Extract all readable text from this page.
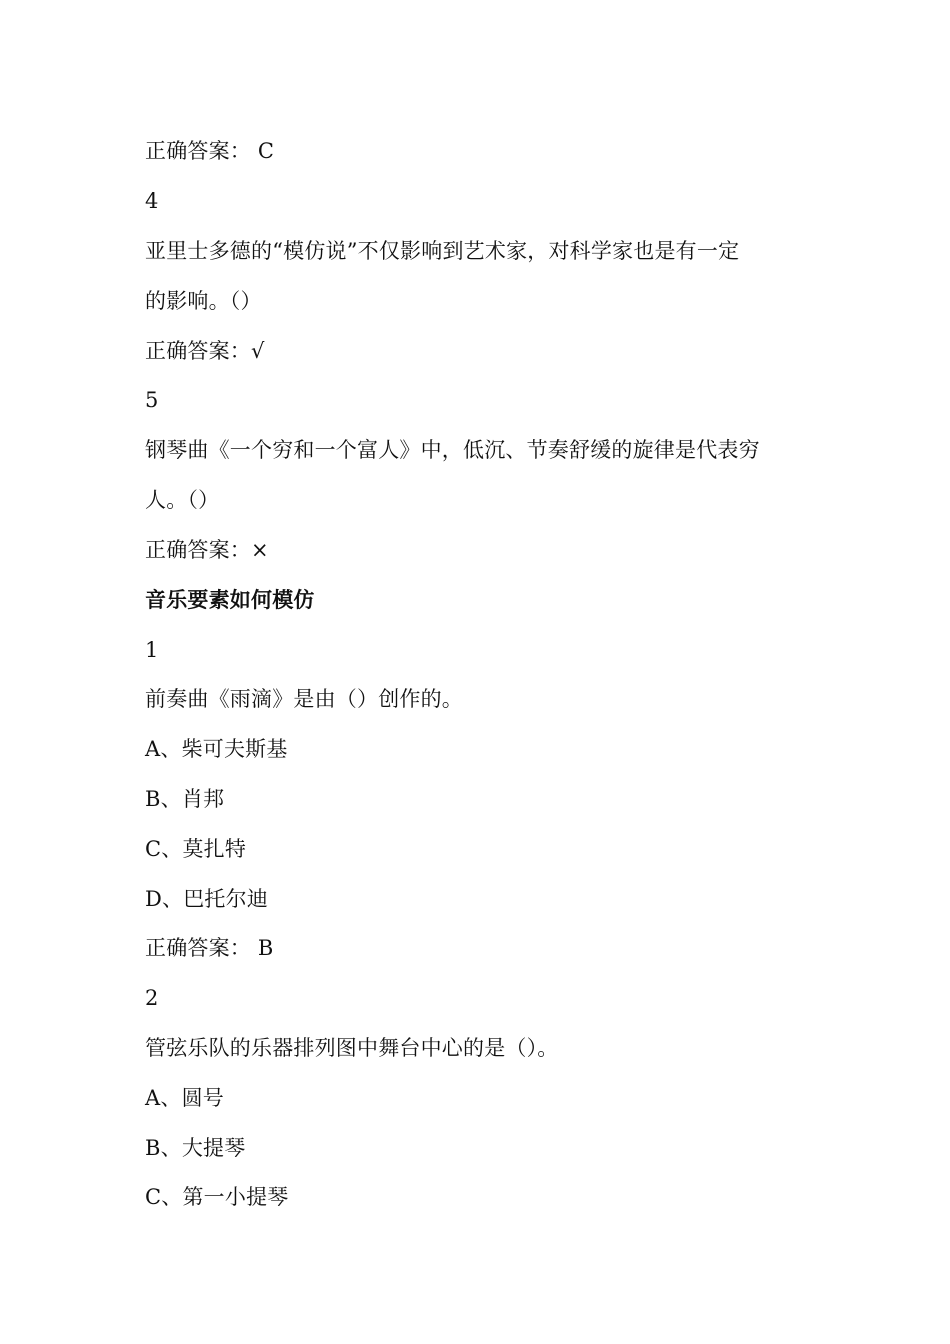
正确答案： C
4
亚里士多德的“模仿说”不仅影响到艺术家，对科学家也是有一定
的影响。（）
正确答案：√
5
钢琴曲《一个穷和一个富人》中，低沉、节奏舒缓的旋律是代表穷
人。（）
正确答案：×
音乐要素如何模仿
1
前奏曲《雨滴》是由（）创作的。
A、柴可夫斯基
B、肖邦
C、莫扎特
D、巴托尔迪
正确答案： B
2
管弦乐队的乐器排列图中舞台中心的是（）。
A、圆号
B、大提琴
C、第一小提琴
